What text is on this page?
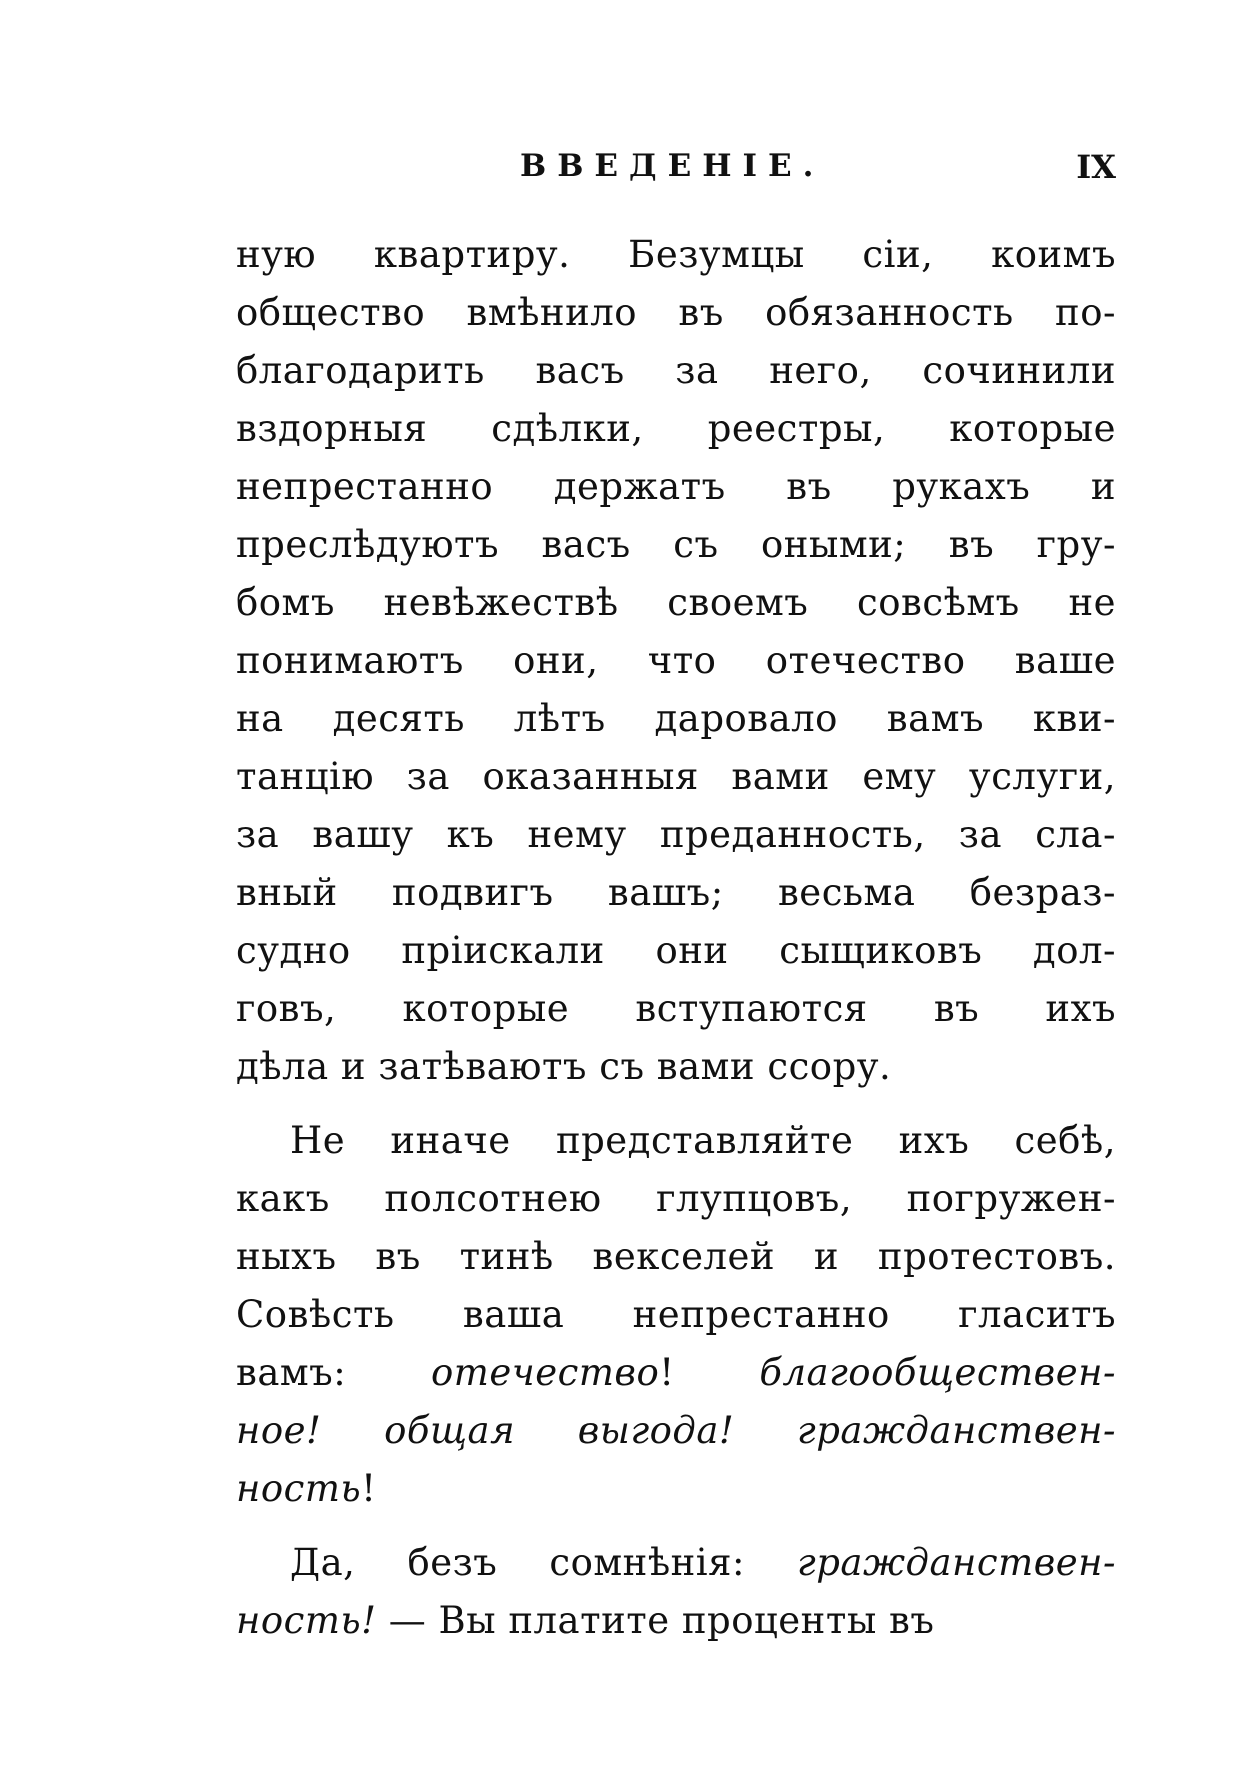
ВВЕДЕНІЕ.	IX
ную квартиру. Безумцы сіи, коимъ
общество вмѣнило въ обязанность по-
благодарить васъ за него, сочинили
вздорныя сдѣлки, реестры, которые
непрестанно держатъ въ рукахъ и
преслѣдуютъ васъ съ оными; въ гру-
бомъ невѣжествѣ своемъ совсѣмъ не
понимаютъ они, что отечество ваше
на десять лѣтъ даровало вамъ кви-
танцію за оказанныя вами ему услуги,
за вашу къ нему преданность, за сла-
вный подвигъ вашъ; весьма безраз-
судно пріискали они сыщиковъ дол-
говъ, которые вступаются въ ихъ
дѣла и затѣваютъ съ вами ссору.
Не иначе представляйте ихъ себѣ,
какъ полсотнею глупцовъ, погружен-
ныхъ въ тинѣ векселей и протестовъ.
Совѣсть ваша непрестанно гласитъ
вамъ: отечество! благообществен-
ное! общая выгода! гражданствен-
ность!
Да, безъ сомнѣнія: гражданствен-
ность! — Вы платите проценты въ
